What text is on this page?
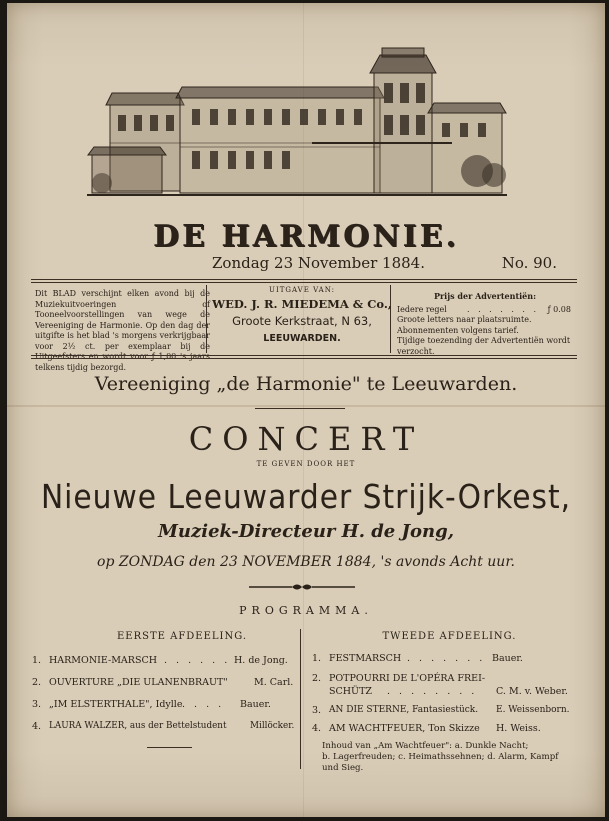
DE HARMONIE.
Zondag 23 November 1884.	No. 90.
Dit BLAD verschijnt elken avond bij de Muziekuitvoeringen of Tooneelvoorstellingen van wege de Vereeniging de Harmonie. Op den dag der uitgifte is het blad 's morgens verkrijgbaar voor 2½ ct. per exemplaar bij de Uitgeefsters en wordt voor ƒ 1,00 's jaars telkens tijdig bezorgd.
UITGAVE VAN:
WED. J. R. MIEDEMA & Co.,
Groote Kerkstraat, N 63,
LEEUWARDEN.
Prijs der Advertentiën:
Iedere regel	. . . . . . . ƒ 0.08
Groote letters naar plaatsruimte.
Abonnementen volgens tarief.
Tijdige toezending der Advertentiën wordt verzocht.
Vereeniging „de Harmonie" te Leeuwarden.
CONCERT
TE GEVEN DOOR HET
Nieuwe Leeuwarder Strijk-Orkest,
Muziek-Directeur H. de Jong,
op ZONDAG den 23 NOVEMBER 1884, 's avonds Acht uur.
PROGRAMMA.
EERSTE AFDEELING.
1. HARMONIE-MARSCH . . . . . . H. de Jong.
2. OUVERTURE „DIE ULANENBRAUT"	M. Carl.
3. „IM ELSTERTHALE", Idylle . . . . Bauer.
4. LAURA WALZER, aus der Bettelstudent	Millöcker.
TWEEDE AFDEELING.
1. FESTMARSCH . . . . . . . Bauer.
2. POTPOURRI DE L'OPÉRA FREI-
SCHÜTZ . . . . . . . . C. M. v. Weber.
3. AN DIE STERNE, Fantasiestück. E. Weissenborn.
4. AM WACHTFEUER, Ton Skizze H. Weiss.
Inhoud van „Am Wachtfeuer": a. Dunkle Nacht;
b. Lagerfreuden; c. Heimathssehnen; d. Alarm, Kampf
und Sieg.
